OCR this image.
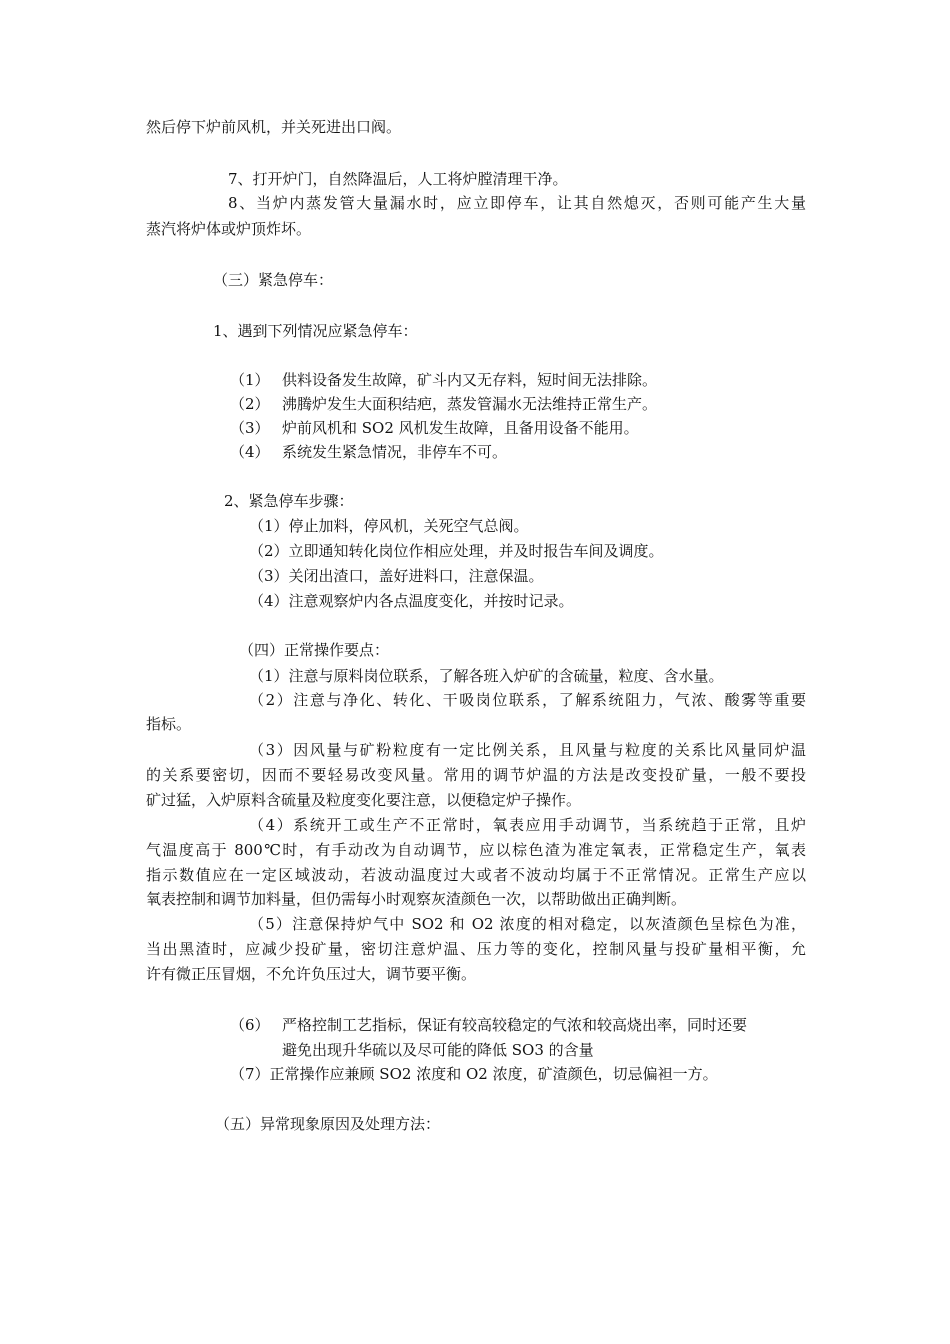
然后停下炉前风机，并关死进出口阀。
7、打开炉门，自然降温后，人工将炉膛清理干净。
8、当炉内蒸发管大量漏水时，应立即停车，让其自然熄灭，否则可能产生大量
蒸汽将炉体或炉顶炸坏。
（三）紧急停车：
1、遇到下列情况应紧急停车：
（1） 供料设备发生故障，矿斗内又无存料，短时间无法排除。
（2） 沸腾炉发生大面积结疤，蒸发管漏水无法维持正常生产。
（3） 炉前风机和 SO2 风机发生故障，且备用设备不能用。
（4） 系统发生紧急情况，非停车不可。
2、紧急停车步骤：
（1）停止加料，停风机，关死空气总阀。
（2）立即通知转化岗位作相应处理，并及时报告车间及调度。
（3）关闭出渣口，盖好进料口，注意保温。
（4）注意观察炉内各点温度变化，并按时记录。
（四）正常操作要点：
（1）注意与原料岗位联系，了解各班入炉矿的含硫量，粒度、含水量。
（2）注意与净化、转化、干吸岗位联系，了解系统阻力，气浓、酸雾等重要
指标。
（3）因风量与矿粉粒度有一定比例关系，且风量与粒度的关系比风量同炉温
的关系要密切，因而不要轻易改变风量。常用的调节炉温的方法是改变投矿量，一般不要投
矿过猛，入炉原料含硫量及粒度变化要注意，以便稳定炉子操作。
（4）系统开工或生产不正常时，氧表应用手动调节，当系统趋于正常，且炉
气温度高于 800℃时，有手动改为自动调节，应以棕色渣为准定氧表，正常稳定生产，氧表
指示数值应在一定区域波动，若波动温度过大或者不波动均属于不正常情况。正常生产应以
氧表控制和调节加料量，但仍需每小时观察灰渣颜色一次，以帮助做出正确判断。
（5）注意保持炉气中 SO2 和 O2 浓度的相对稳定，以灰渣颜色呈棕色为准，
当出黑渣时，应减少投矿量，密切注意炉温、压力等的变化，控制风量与投矿量相平衡，允
许有微正压冒烟，不允许负压过大，调节要平衡。
（6） 严格控制工艺指标，保证有较高较稳定的气浓和较高烧出率，同时还要
避免出现升华硫以及尽可能的降低 SO3 的含量
（7）正常操作应兼顾 SO2 浓度和 O2 浓度，矿渣颜色，切忌偏袒一方。
（五）异常现象原因及处理方法：
